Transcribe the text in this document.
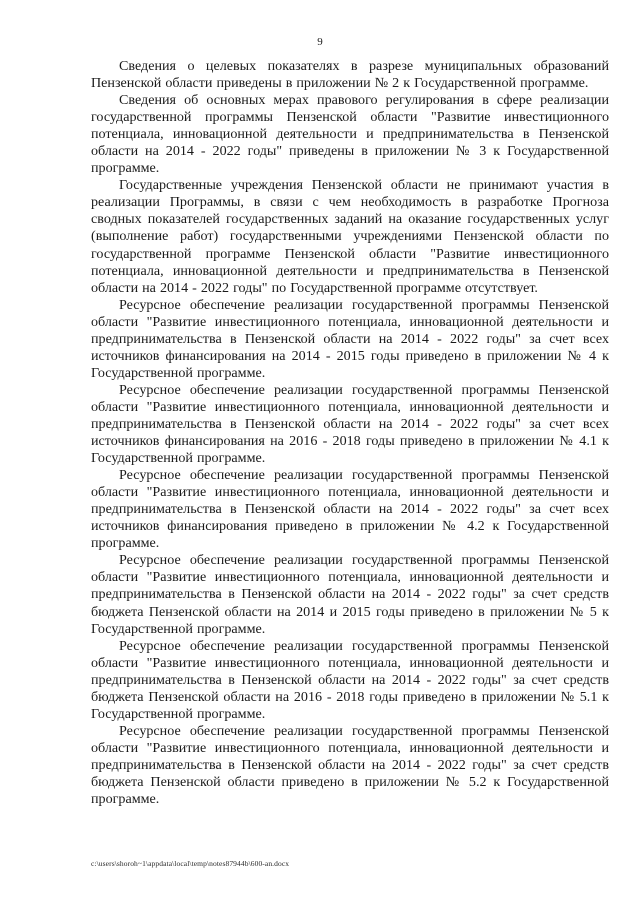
9

Сведения о целевых показателях в разрезе муниципальных образований Пензенской области приведены в приложении № 2 к Государственной программе.

Сведения об основных мерах правового регулирования в сфере реализации государственной программы Пензенской области "Развитие инвестиционного потенциала, инновационной деятельности и предпринимательства в Пензенской области на 2014 - 2022 годы" приведены в приложении № 3 к Государственной программе.

Государственные учреждения Пензенской области не принимают участия в реализации Программы, в связи с чем необходимость в разработке Прогноза сводных показателей государственных заданий на оказание государственных услуг (выполнение работ) государственными учреждениями Пензенской области по государственной программе Пензенской области "Развитие инвестиционного потенциала, инновационной деятельности и предпринимательства в Пензенской области на 2014 - 2022 годы" по Государственной программе отсутствует.

Ресурсное обеспечение реализации государственной программы Пензенской области "Развитие инвестиционного потенциала, инновационной деятельности и предпринимательства в Пензенской области на 2014 - 2022 годы" за счет всех источников финансирования на 2014 - 2015 годы приведено в приложении № 4 к Государственной программе.

Ресурсное обеспечение реализации государственной программы Пензенской области "Развитие инвестиционного потенциала, инновационной деятельности и предпринимательства в Пензенской области на 2014 - 2022 годы" за счет всех источников финансирования на 2016 - 2018 годы приведено в приложении № 4.1 к Государственной программе.

Ресурсное обеспечение реализации государственной программы Пензенской области "Развитие инвестиционного потенциала, инновационной деятельности и предпринимательства в Пензенской области на 2014 - 2022 годы" за счет всех источников финансирования приведено в приложении № 4.2 к Государственной программе.

Ресурсное обеспечение реализации государственной программы Пензенской области "Развитие инвестиционного потенциала, инновационной деятельности и предпринимательства в Пензенской области на 2014 - 2022 годы" за счет средств бюджета Пензенской области на 2014 и 2015 годы приведено в приложении № 5 к Государственной программе.

Ресурсное обеспечение реализации государственной программы Пензенской области "Развитие инвестиционного потенциала, инновационной деятельности и предпринимательства в Пензенской области на 2014 - 2022 годы" за счет средств бюджета Пензенской области на 2016 - 2018 годы приведено в приложении № 5.1 к Государственной программе.

Ресурсное обеспечение реализации государственной программы Пензенской области "Развитие инвестиционного потенциала, инновационной деятельности и предпринимательства в Пензенской области на 2014 - 2022 годы" за счет средств бюджета Пензенской области приведено в приложении № 5.2 к Государственной программе.

c:\users\shoroh~1\appdata\local\temp\notes87944b\600-an.docx
